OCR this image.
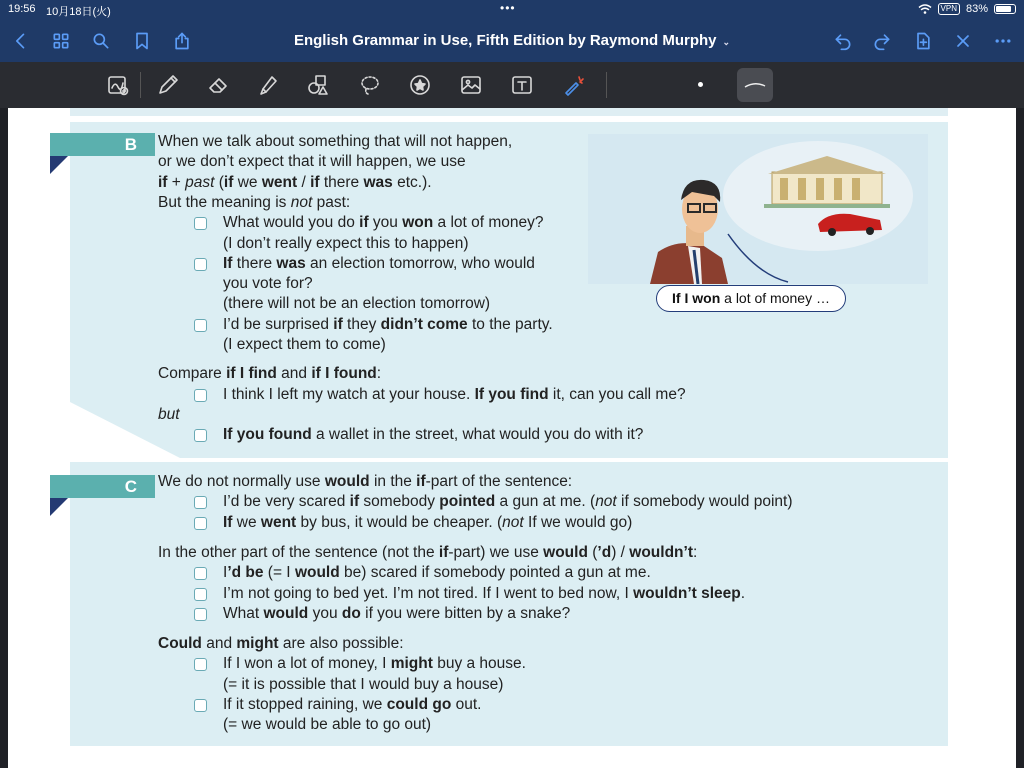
19:56 10月18日(火)	•••	VPN 83%
English Grammar in Use, Fifth Edition by Raymond Murphy ⌄
B
If I won a lot of money …
C
When we talk about something that will not happen,
or we don’t expect that it will happen, we use
if + past (if we went / if there was etc.).
But the meaning is not past:
What would you do if you won a lot of money?
(I don’t really expect this to happen)
If there was an election tomorrow, who would
you vote for?
(there will not be an election tomorrow)
I’d be surprised if they didn’t come to the party.
(I expect them to come)
Compare if I find and if I found:
I think I left my watch at your house. If you find it, can you call me?
but
If you found a wallet in the street, what would you do with it?
We do not normally use would in the if-part of the sentence:
I’d be very scared if somebody pointed a gun at me. (not if somebody would point)
If we went by bus, it would be cheaper. (not If we would go)
In the other part of the sentence (not the if-part) we use would (’d) / wouldn’t:
I’d be (= I would be) scared if somebody pointed a gun at me.
I’m not going to bed yet. I’m not tired. If I went to bed now, I wouldn’t sleep.
What would you do if you were bitten by a snake?
Could and might are also possible:
If I won a lot of money, I might buy a house.
(= it is possible that I would buy a house)
If it stopped raining, we could go out.
(= we would be able to go out)
